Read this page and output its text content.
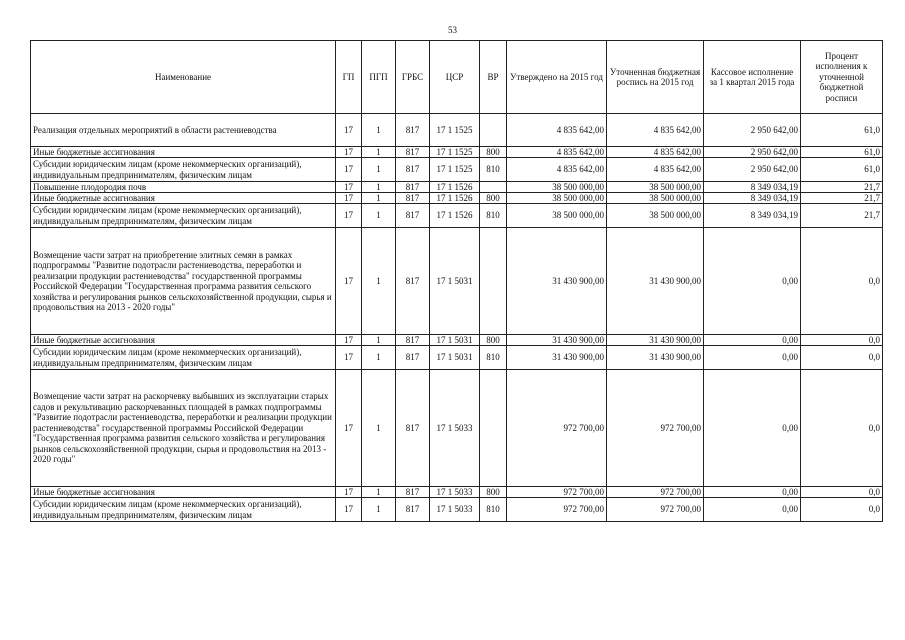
53
Наименование	ГП	ПГП	ГРБС	ЦСР	ВР	Утверждено на 2015 год	Уточненная бюджетная роспись на 2015 год	Кассовое исполнение за 1 квартал 2015 года	Процент исполнения к уточненной бюджетной росписи
Реализация отдельных мероприятий в области растениеводства	17	1	817	17 1 1525		4 835 642,00	4 835 642,00	2 950 642,00	61,0
Иные бюджетные ассигнования	17	1	817	17 1 1525	800	4 835 642,00	4 835 642,00	2 950 642,00	61,0
Субсидии юридическим лицам (кроме некоммерческих организаций), индивидуальным предпринимателям, физическим лицам	17	1	817	17 1 1525	810	4 835 642,00	4 835 642,00	2 950 642,00	61,0
Повышение плодородия почв	17	1	817	17 1 1526		38 500 000,00	38 500 000,00	8 349 034,19	21,7
Иные бюджетные ассигнования	17	1	817	17 1 1526	800	38 500 000,00	38 500 000,00	8 349 034,19	21,7
Субсидии юридическим лицам (кроме некоммерческих организаций), индивидуальным предпринимателям, физическим лицам	17	1	817	17 1 1526	810	38 500 000,00	38 500 000,00	8 349 034,19	21,7
Возмещение части затрат на приобретение элитных семян в рамках подпрограммы "Развитие подотрасли растениеводства, переработки и реализации продукции растениеводства" государственной программы Российской Федерации "Государственная программа развития сельского хозяйства и регулирования рынков сельскохозяйственной продукции, сырья и продовольствия на 2013 - 2020 годы"	17	1	817	17 1 5031		31 430 900,00	31 430 900,00	0,00	0,0
Иные бюджетные ассигнования	17	1	817	17 1 5031	800	31 430 900,00	31 430 900,00	0,00	0,0
Субсидии юридическим лицам (кроме некоммерческих организаций), индивидуальным предпринимателям, физическим лицам	17	1	817	17 1 5031	810	31 430 900,00	31 430 900,00	0,00	0,0
Возмещение части затрат на раскорчевку выбывших из эксплуатации старых садов и рекультивацию раскорчеванных площадей в рамках подпрограммы "Развитие подотрасли растениеводства, переработки и реализации продукции растениеводства" государственной программы Российской Федерации "Государственная программа развития сельского хозяйства и регулирования рынков сельскохозяйственной продукции, сырья и продовольствия на 2013 - 2020 годы"	17	1	817	17 1 5033		972 700,00	972 700,00	0,00	0,0
Иные бюджетные ассигнования	17	1	817	17 1 5033	800	972 700,00	972 700,00	0,00	0,0
Субсидии юридическим лицам (кроме некоммерческих организаций), индивидуальным предпринимателям, физическим лицам	17	1	817	17 1 5033	810	972 700,00	972 700,00	0,00	0,0
